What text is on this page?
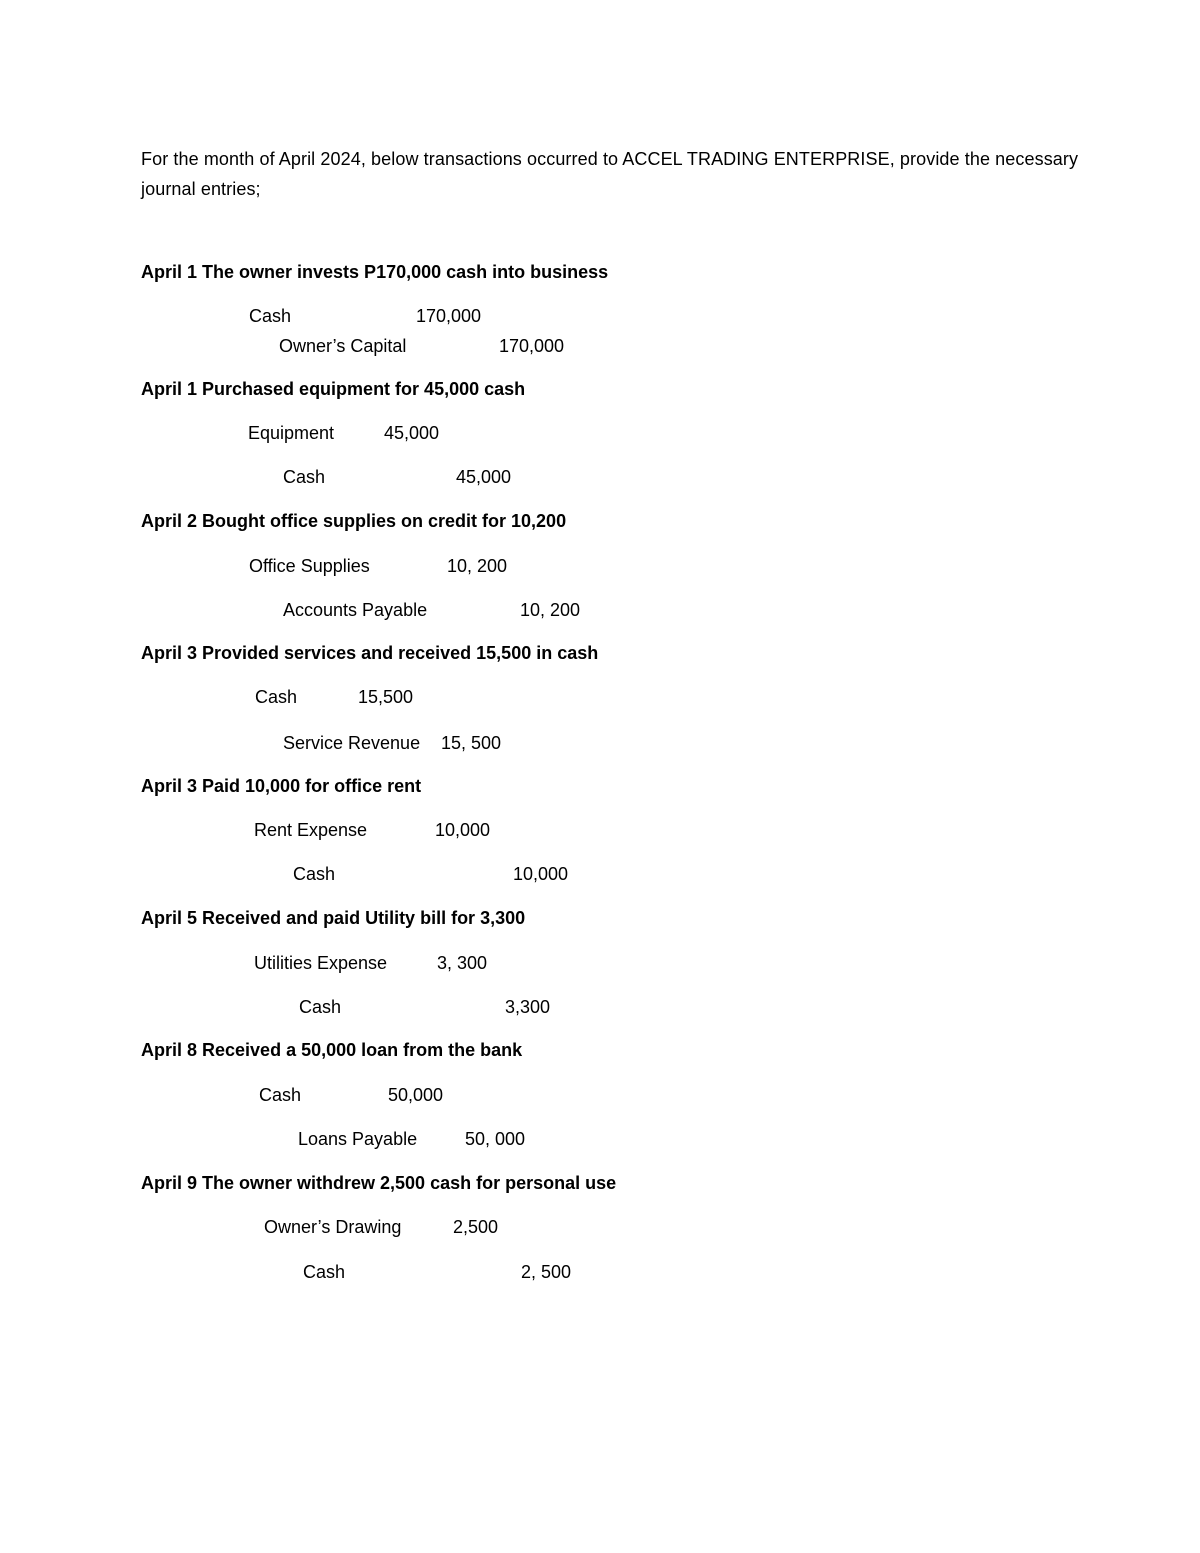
For the month of April 2024, below transactions occurred to ACCEL TRADING ENTERPRISE, provide the necessary journal entries;
April 1 The owner invests P170,000 cash into business
Cash	170,000
Owner’s Capital	170,000
April 1 Purchased equipment for 45,000 cash
Equipment	45,000
Cash	45,000
April 2 Bought office supplies on credit for 10,200
Office Supplies	10, 200
Accounts Payable	10, 200
April 3 Provided services and received 15,500 in cash
Cash	15,500
Service Revenue 15, 500
April 3 Paid 10,000 for office rent
Rent Expense	10,000
Cash	10,000
April 5 Received and paid Utility bill for 3,300
Utilities Expense	3, 300
Cash	3,300
April 8 Received a 50,000 loan from the bank
Cash	50,000
Loans Payable	50, 000
April 9 The owner withdrew 2,500 cash for personal use
Owner’s Drawing	2,500
Cash	2, 500
